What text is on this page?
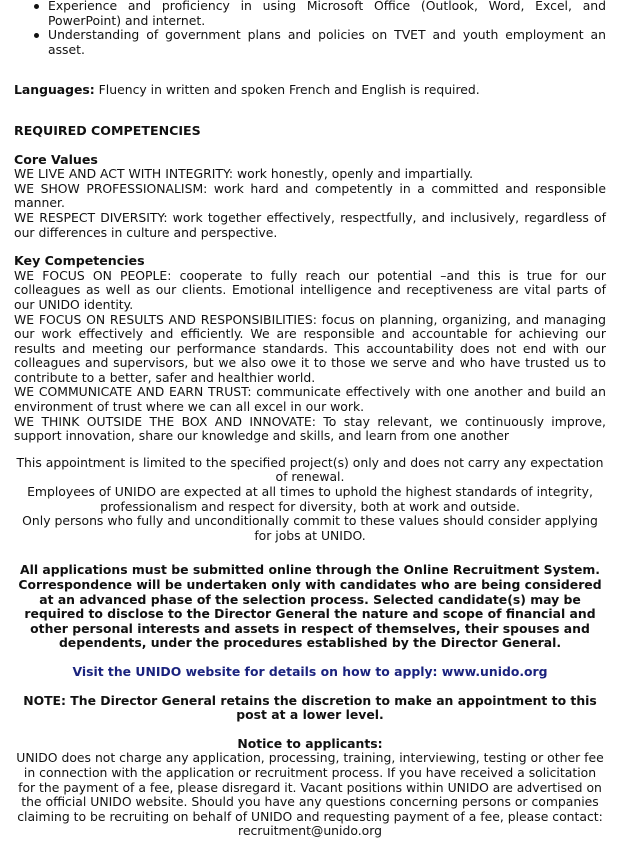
Experience and proficiency in using Microsoft Office (Outlook, Word, Excel, and PowerPoint) and internet.
Understanding of government plans and policies on TVET and youth employment an asset.

Languages: Fluency in written and spoken French and English is required.

REQUIRED COMPETENCIES

Core Values

WE LIVE AND ACT WITH INTEGRITY: work honestly, openly and impartially.

WE SHOW PROFESSIONALISM: work hard and competently in a committed and responsible manner.

WE RESPECT DIVERSITY: work together effectively, respectfully, and inclusively, regardless of our differences in culture and perspective.

Key Competencies

WE FOCUS ON PEOPLE: cooperate to fully reach our potential –and this is true for our colleagues as well as our clients. Emotional intelligence and receptiveness are vital parts of our UNIDO identity.

WE FOCUS ON RESULTS AND RESPONSIBILITIES: focus on planning, organizing, and managing our work effectively and efficiently. We are responsible and accountable for achieving our results and meeting our performance standards. This accountability does not end with our colleagues and supervisors, but we also owe it to those we serve and who have trusted us to contribute to a better, safer and healthier world.

WE COMMUNICATE AND EARN TRUST: communicate effectively with one another and build an environment of trust where we can all excel in our work.

WE THINK OUTSIDE THE BOX AND INNOVATE: To stay relevant, we continuously improve, support innovation, share our knowledge and skills, and learn from one another

This appointment is limited to the specified project(s) only and does not carry any expectation of renewal.

Employees of UNIDO are expected at all times to uphold the highest standards of integrity, professionalism and respect for diversity, both at work and outside.

Only persons who fully and unconditionally commit to these values should consider applying for jobs at UNIDO.

All applications must be submitted online through the Online Recruitment System. Correspondence will be undertaken only with candidates who are being considered at an advanced phase of the selection process. Selected candidate(s) may be required to disclose to the Director General the nature and scope of financial and other personal interests and assets in respect of themselves, their spouses and dependents, under the procedures established by the Director General.

Visit the UNIDO website for details on how to apply: www.unido.org

NOTE: The Director General retains the discretion to make an appointment to this post at a lower level.

Notice to applicants:

UNIDO does not charge any application, processing, training, interviewing, testing or other fee in connection with the application or recruitment process. If you have received a solicitation for the payment of a fee, please disregard it. Vacant positions within UNIDO are advertised on the official UNIDO website. Should you have any questions concerning persons or companies claiming to be recruiting on behalf of UNIDO and requesting payment of a fee, please contact: recruitment@unido.org
